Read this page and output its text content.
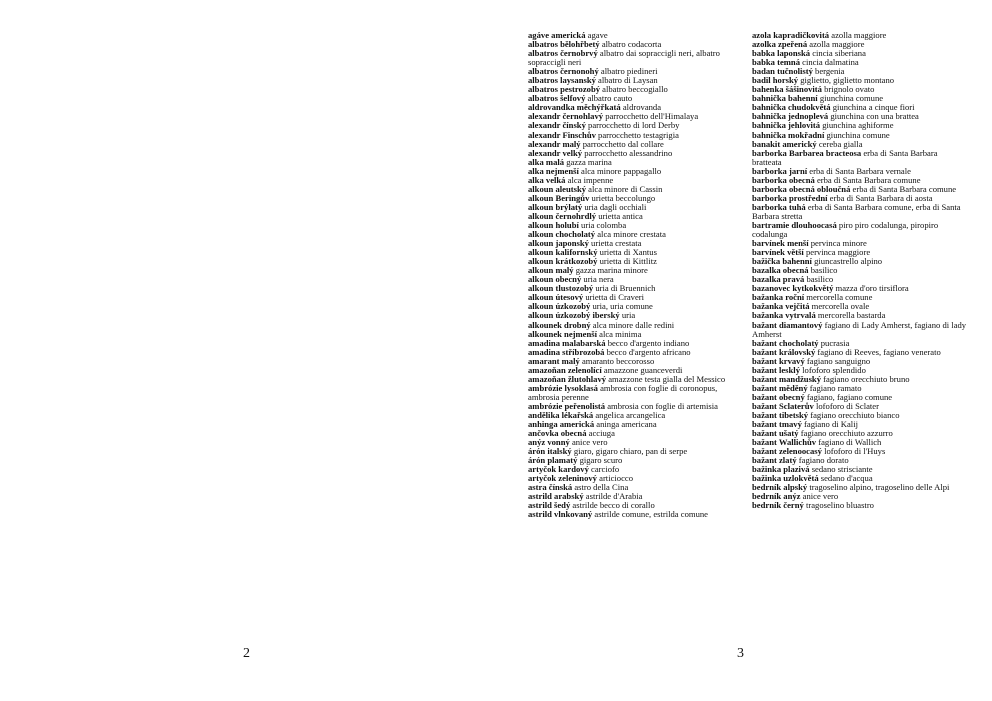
agáve americká agave

albatros bělohřbetý albatro codacorta

albatros černobrvý albatro dai sopraccigli neri, albatro sopraccigli neri

albatros černonohý albatro piedineri

albatros laysanský albatro di Laysan

albatros pestrozobý albatro beccogiallo

albatros šelfový albatro cauto

aldrovandka měchýřkatá aldrovanda

alexandr černohlavý parrocchetto dell'Himalaya

alexandr čínský parrocchetto di lord Derby

alexandr Finschův parrocchetto testagrigia

alexandr malý parrocchetto dal collare

alexandr velký parrocchetto alessandrino

alka malá gazza marina

alka nejmenší alca minore pappagallo

alka velká alca impenne

alkoun aleutský alca minore di Cassin

alkoun Beringův urietta beccolungo

alkoun brýlatý uria dagli occhiali

alkoun černohrdlý urietta antica

alkoun holubí uria colomba

alkoun chocholatý alca minore crestata

alkoun japonský urietta crestata

alkoun kalifornský urietta di Xantus

alkoun krátkozobý urietta di Kittlitz

alkoun malý gazza marina minore

alkoun obecný uria nera

alkoun tlustozobý uria di Bruennich

alkoun útesový urietta di Craveri

alkoun úzkozobý uria, uria comune

alkoun úzkozobý iberský uria

alkounek drobný alca minore dalle redini

alkounek nejmenší alca minima

amadina malabarská becco d'argento indiano

amadina stříbrozobá becco d'argento africano

amarant malý amaranto beccorosso

amazoňan zelenolící amazzone guanceverdi

amazoňan žlutohlavý amazzone testa gialla del Messico

ambrózie lysoklasá ambrosia con foglie di coronopus, ambrosia perenne

ambrózie peřenolistá ambrosia con foglie di artemisia

andělika lékařská angelica arcangelica

anhinga americká aninga americana

ančovka obecná acciuga

anýz vonný anice vero

árón italský giaro, gigaro chiaro, pan di serpe

árón plamatý gigaro scuro

artyčok kardový carciofo

artyčok zeleninový articiocco

astra čínská astro della Cina

astrild arabský astrilde d'Arabia

astrild šedý astrilde becco di corallo

astrild vlnkovaný astrilde comune, estrilda comune

azola kapradičkovitá azolla maggiore

azolka zpeřená azolla maggiore

babka laponská cincia siberiana

babka temná cincia dalmatina

badan tučnolistý bergenia

badil horský giglietto, giglietto montano

bahenka šášinovitá brignolo ovato

bahnička bahenní giunchina comune

bahnička chudokvětá giunchina a cinque fiori

bahnička jednoplevá giunchina con una brattea

bahnička jehlovitá giunchina aghiforme

bahnička mokřadní giunchina comune

banakit americký cereba gialla

barborka Barbarea bracteosa erba di Santa Barbara bratteata

barborka jarní erba di Santa Barbara vernale

barborka obecná erba di Santa Barbara comune

barborka obecná obloučná erba di Santa Barbara comune

barborka prostřední erba di Santa Barbara di aosta

barborka tuhá erba di Santa Barbara comune, erba di Santa Barbara stretta

bartramie dlouhoocasá piro piro codalunga, piropiro codalunga

barvínek menší pervinca minore

barvínek větší pervinca maggiore

bažička bahenní giuncastrello alpino

bazalka obecná basilico

bazalka pravá basilico

bazanovec kytkokvětý mazza d'oro tirsiflora

bažanka roční mercorella comune

bažanka vejčitá mercorella ovale

bažanka vytrvalá mercorella bastarda

bažant diamantový fagiano di Lady Amherst, fagiano di lady Amherst

bažant chocholatý pucrasia

bažant královský fagiano di Reeves, fagiano venerato

bažant krvavý fagiano sanguigno

bažant lesklý lofoforo splendido

bažant mandžuský fagiano orecchiuto bruno

bažant měděný fagiano ramato

bažant obecný fagiano, fagiano comune

bažant Sclaterův lofoforo di Sclater

bažant tibetský fagiano orecchiuto bianco

bažant tmavý fagiano di Kalij

bažant ušatý fagiano orecchiuto azzurro

bažant Wallichův fagiano di Wallich

bažant zelenoocasý lofoforo di l'Huys

bažant zlatý fagiano dorato

bažinka plazivá sedano strisciante

bažinka uzlokvětá sedano d'acqua

bedrník alpský tragoselino alpino, tragoselino delle Alpi

bedrník anýz anice vero

bedrník černý tragoselino bluastro

2	3
